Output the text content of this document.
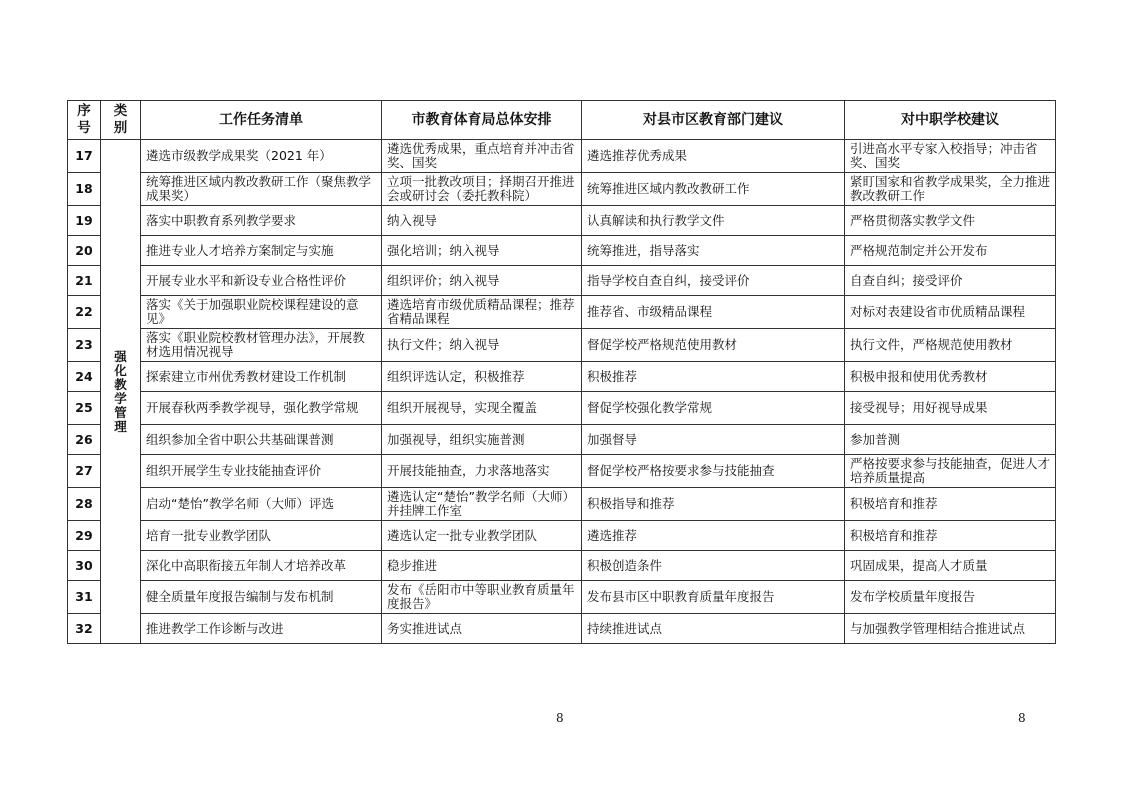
序号	类别	工作任务清单	市教育体育局总体安排	对县市区教育部门建议	对中职学校建议
17	强化教学管理	遴选市级教学成果奖（2021 年）	遴选优秀成果，重点培育并冲击省奖、国奖	遴选推荐优秀成果	引进高水平专家入校指导；冲击省奖、国奖
18		统筹推进区域内教改教研工作（聚焦教学成果奖）	立项一批教改项目；择期召开推进会或研讨会（委托教科院）	统筹推进区域内教改教研工作	紧盯国家和省教学成果奖，全力推进教改教研工作
19		落实中职教育系列教学要求	纳入视导	认真解读和执行教学文件	严格贯彻落实教学文件
20		推进专业人才培养方案制定与实施	强化培训；纳入视导	统筹推进，指导落实	严格规范制定并公开发布
21		开展专业水平和新设专业合格性评价	组织评价；纳入视导	指导学校自查自纠，接受评价	自查自纠；接受评价
22		落实《关于加强职业院校课程建设的意见》	遴选培育市级优质精品课程；推荐省精品课程	推荐省、市级精品课程	对标对表建设省市优质精品课程
23		落实《职业院校教材管理办法》，开展教材选用情况视导	执行文件；纳入视导	督促学校严格规范使用教材	执行文件，严格规范使用教材
24		探索建立市州优秀教材建设工作机制	组织评选认定，积极推荐	积极推荐	积极申报和使用优秀教材
25		开展春秋两季教学视导，强化教学常规	组织开展视导，实现全覆盖	督促学校强化教学常规	接受视导；用好视导成果
26		组织参加全省中职公共基础课普测	加强视导，组织实施普测	加强督导	参加普测
27		组织开展学生专业技能抽查评价	开展技能抽查，力求落地落实	督促学校严格按要求参与技能抽查	严格按要求参与技能抽查，促进人才培养质量提高
28		启动“楚怡”教学名师（大师）评选	遴选认定“楚怡”教学名师（大师）并挂牌工作室	积极指导和推荐	积极培育和推荐
29		培育一批专业教学团队	遴选认定一批专业教学团队	遴选推荐	积极培育和推荐
30		深化中高职衔接五年制人才培养改革	稳步推进	积极创造条件	巩固成果，提高人才质量
31		健全质量年度报告编制与发布机制	发布《岳阳市中等职业教育质量年度报告》	发布县市区中职教育质量年度报告	发布学校质量年度报告
32		推进教学工作诊断与改进	务实推进试点	持续推进试点	与加强教学管理相结合推进试点
8	8
